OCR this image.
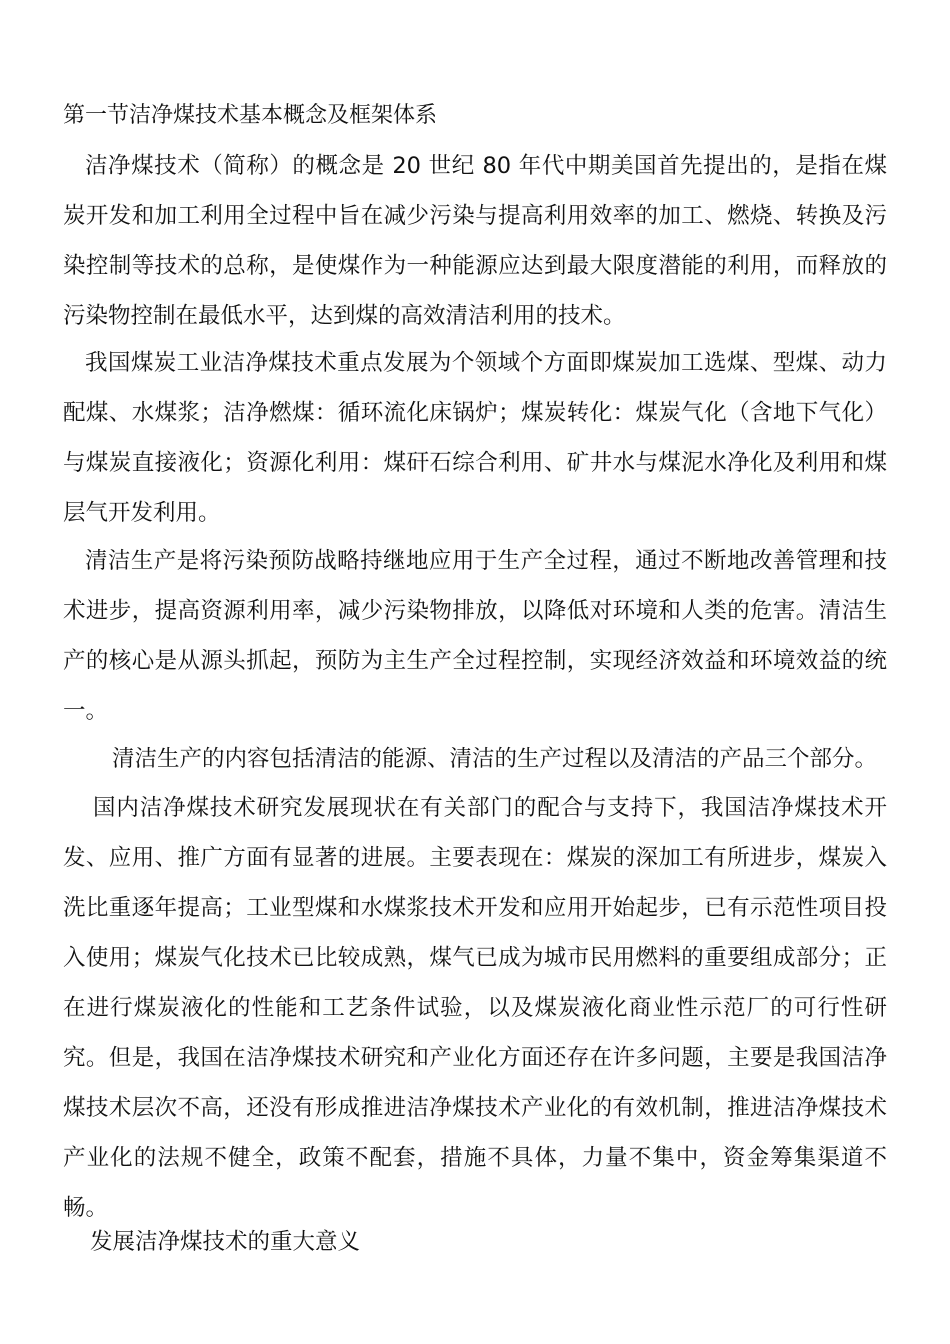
第一节洁净煤技术基本概念及框架体系

洁净煤技术（简称）的概念是 20 世纪 80 年代中期美国首先提出的，是指在煤炭开发和加工利用全过程中旨在减少污染与提高利用效率的加工、燃烧、转换及污染控制等技术的总称，是使煤作为一种能源应达到最大限度潜能的利用，而释放的污染物控制在最低水平，达到煤的高效清洁利用的技术。

我国煤炭工业洁净煤技术重点发展为个领域个方面即煤炭加工选煤、型煤、动力配煤、水煤浆；洁净燃煤：循环流化床锅炉；煤炭转化：煤炭气化（含地下气化）与煤炭直接液化；资源化利用：煤矸石综合利用、矿井水与煤泥水净化及利用和煤层气开发利用。

清洁生产是将污染预防战略持继地应用于生产全过程，通过不断地改善管理和技术进步，提高资源利用率，减少污染物排放，以降低对环境和人类的危害。清洁生产的核心是从源头抓起，预防为主生产全过程控制，实现经济效益和环境效益的统一。

清洁生产的内容包括清洁的能源、清洁的生产过程以及清洁的产品三个部分。

国内洁净煤技术研究发展现状在有关部门的配合与支持下，我国洁净煤技术开发、应用、推广方面有显著的进展。主要表现在：煤炭的深加工有所进步，煤炭入洗比重逐年提高；工业型煤和水煤浆技术开发和应用开始起步，已有示范性项目投入使用；煤炭气化技术已比较成熟，煤气已成为城市民用燃料的重要组成部分；正在进行煤炭液化的性能和工艺条件试验，以及煤炭液化商业性示范厂的可行性研究。但是，我国在洁净煤技术研究和产业化方面还存在许多问题，主要是我国洁净煤技术层次不高，还没有形成推进洁净煤技术产业化的有效机制，推进洁净煤技术产业化的法规不健全，政策不配套，措施不具体，力量不集中，资金筹集渠道不畅。

发展洁净煤技术的重大意义
